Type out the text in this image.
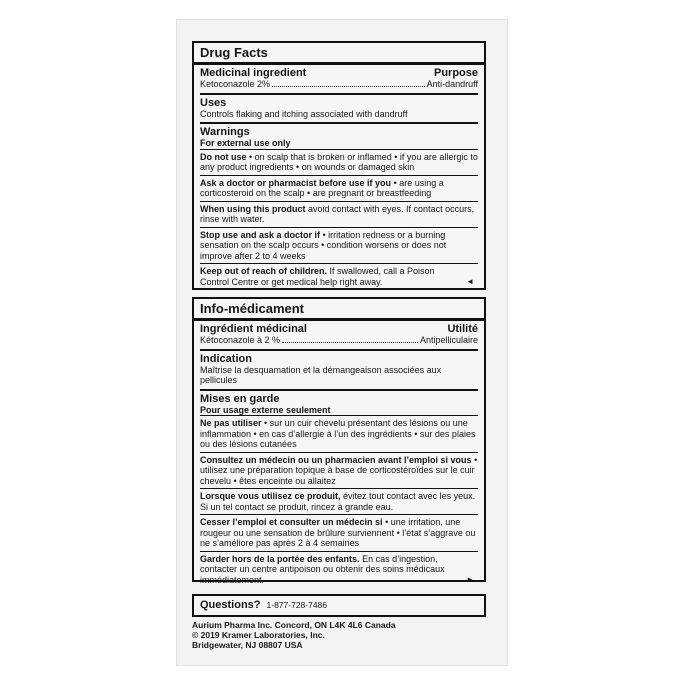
Drug Facts
Medicinal ingredient	Purpose
Ketoconazole 2%	Anti-dandruff
Uses
Controls flaking and itching associated with dandruff
Warnings
For external use only
Do not use • on scalp that is broken or inflamed • if you are allergic to any product ingredients • on wounds or damaged skin
Ask a doctor or pharmacist before use if you • are using a corticosteroid on the scalp • are pregnant or breastfeeding
When using this product avoid contact with eyes. If contact occurs, rinse with water.
Stop use and ask a doctor if • irritation redness or a burning sensation on the scalp occurs • condition worsens or does not improve after 2 to 4 weeks
Keep out of reach of children. If swallowed, call a Poison Control Centre or get medical help right away.	◄
Info-médicament
Ingrédient médicinal	Utilité
Kétoconazole à 2 %	Antipelliculaire
Indication
Maîtrise la desquamation et la démangeaison associées aux pellicules
Mises en garde
Pour usage externe seulement
Ne pas utiliser • sur un cuir chevelu présentant des lésions ou une inflammation • en cas d’allergie à l’un des ingrédients • sur des plaies ou des lésions cutanées
Consultez un médecin ou un pharmacien avant l’emploi si vous • utilisez une préparation topique à base de corticostéroïdes sur le cuir chevelu • êtes enceinte ou allaitez
Lorsque vous utilisez ce produit, évitez tout contact avec les yeux. Si un tel contact se produit, rincez à grande eau.
Cesser l’emploi et consulter un médecin si • une irritation, une rougeur ou une sensation de brûlure surviennent • l’état s’aggrave ou ne s’améliore pas après 2 à 4 semaines
Garder hors de la portée des enfants. En cas d’ingestion, contacter un centre antipoison ou obtenir des soins médicaux immédiatement.	►
Questions? 1-877-728-7486
Aurium Pharma Inc. Concord, ON L4K 4L6 Canada
© 2019 Kramer Laboratories, Inc.
Bridgewater, NJ 08807 USA
